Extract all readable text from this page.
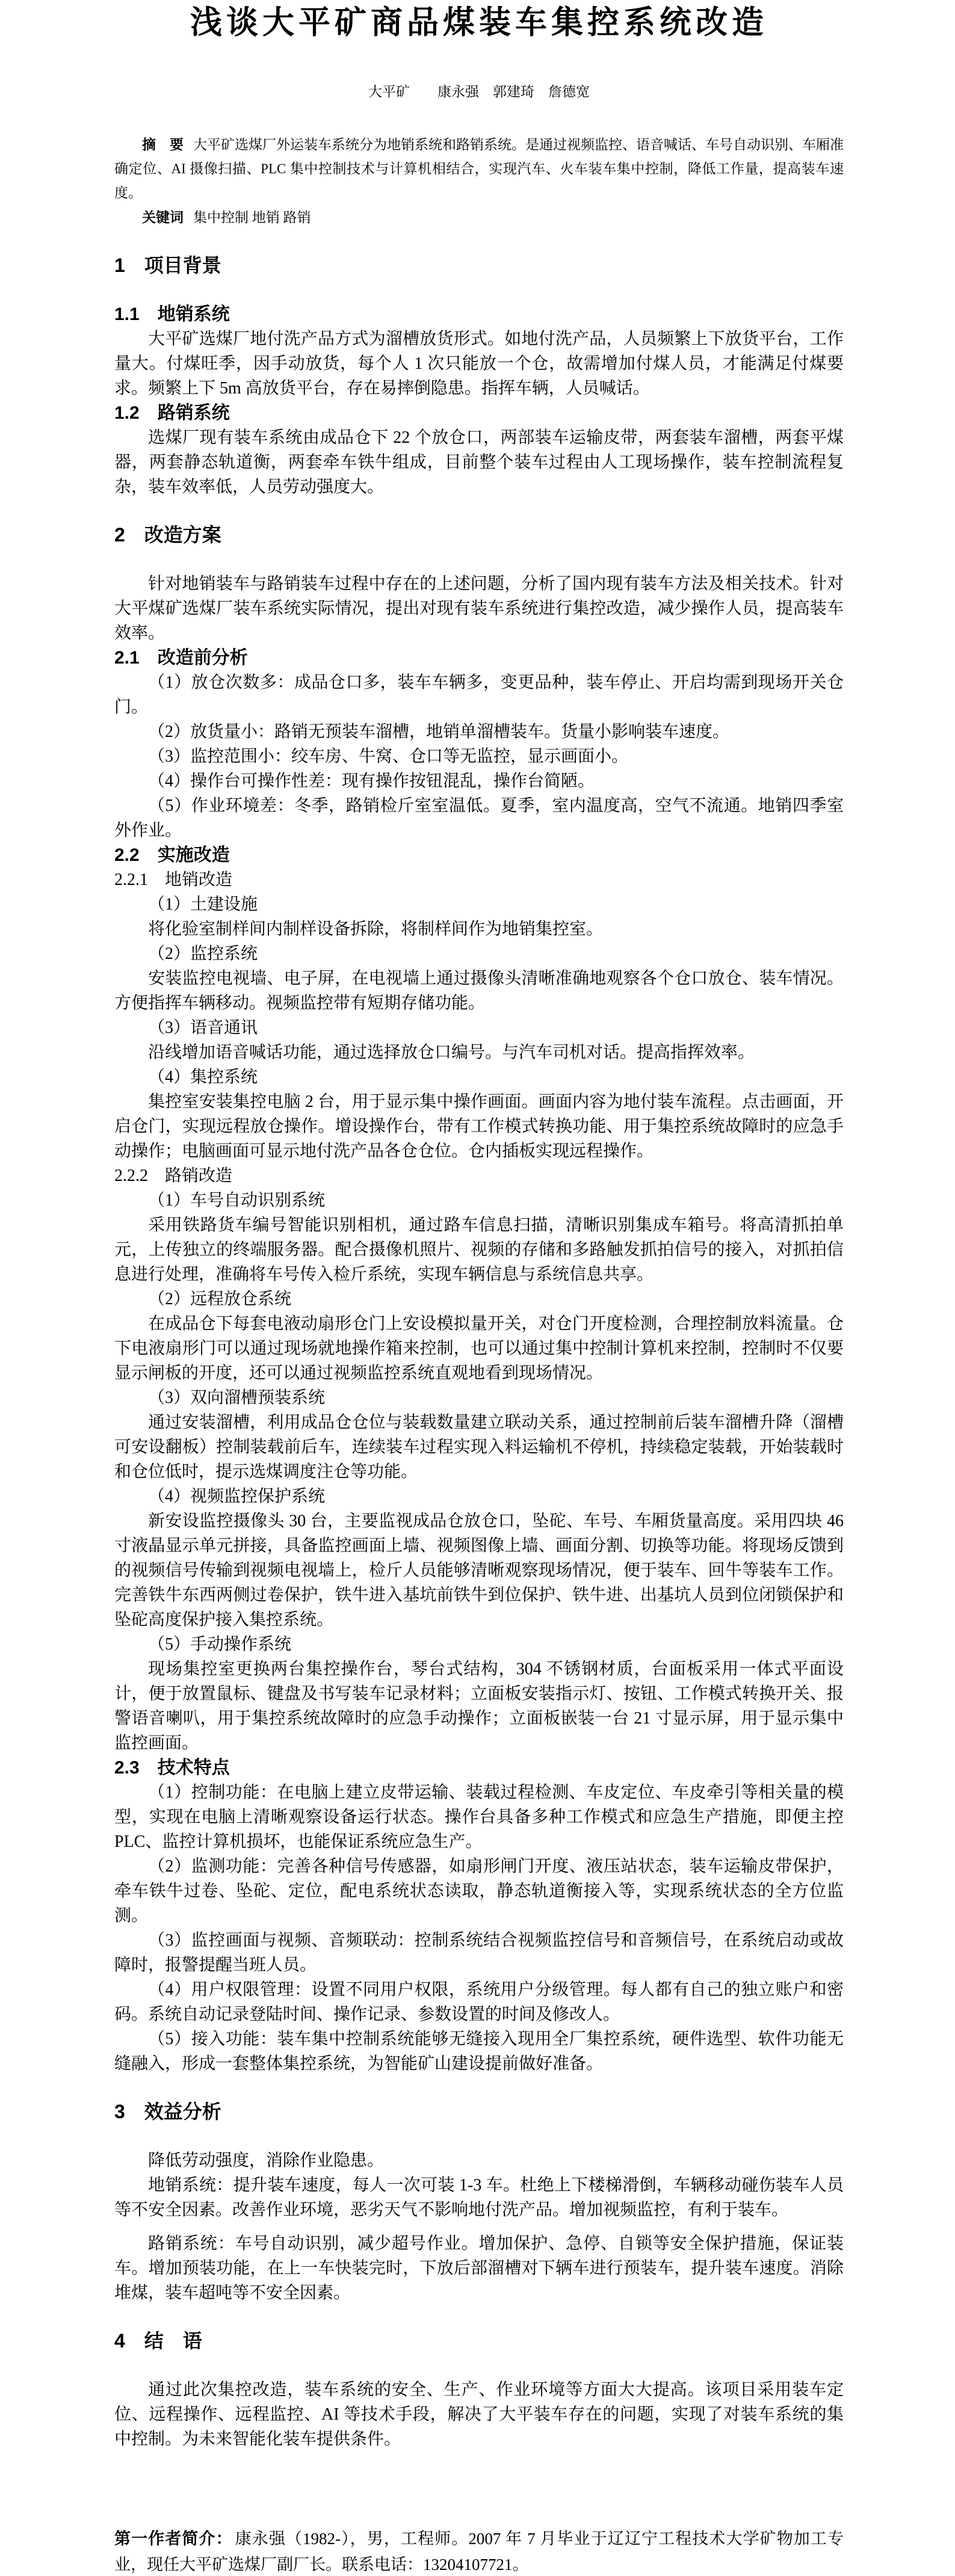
浅谈大平矿商品煤装车集控系统改造
大平矿　　康永强　郭建琦　詹德宽
摘　要 大平矿选煤厂外运装车系统分为地销系统和路销系统。是通过视频监控、语音喊话、车号自动识别、车厢准确定位、AI 摄像扫描、PLC 集中控制技术与计算机相结合，实现汽车、火车装车集中控制，降低工作量，提高装车速度。
关键词 集中控制 地销 路销
1　项目背景
1.1　地销系统
大平矿选煤厂地付洗产品方式为溜槽放货形式。如地付洗产品，人员频繁上下放货平台，工作量大。付煤旺季，因手动放货，每个人 1 次只能放一个仓，故需增加付煤人员，才能满足付煤要求。频繁上下 5m 高放货平台，存在易摔倒隐患。指挥车辆，人员喊话。
1.2　路销系统
选煤厂现有装车系统由成品仓下 22 个放仓口，两部装车运输皮带，两套装车溜槽，两套平煤器，两套静态轨道衡，两套牵车铁牛组成，目前整个装车过程由人工现场操作，装车控制流程复杂，装车效率低，人员劳动强度大。
2　改造方案
针对地销装车与路销装车过程中存在的上述问题，分析了国内现有装车方法及相关技术。针对大平煤矿选煤厂装车系统实际情况，提出对现有装车系统进行集控改造，减少操作人员，提高装车效率。
2.1　改造前分析
（1）放仓次数多：成品仓口多，装车车辆多，变更品种，装车停止、开启均需到现场开关仓门。
（2）放货量小：路销无预装车溜槽，地销单溜槽装车。货量小影响装车速度。
（3）监控范围小：绞车房、牛窝、仓口等无监控，显示画面小。
（4）操作台可操作性差：现有操作按钮混乱，操作台简陋。
（5）作业环境差：冬季，路销检斤室室温低。夏季，室内温度高，空气不流通。地销四季室外作业。
2.2　实施改造
2.2.1　地销改造
（1）土建设施
将化验室制样间内制样设备拆除，将制样间作为地销集控室。
（2）监控系统
安装监控电视墙、电子屏，在电视墙上通过摄像头清晰准确地观察各个仓口放仓、装车情况。方便指挥车辆移动。视频监控带有短期存储功能。
（3）语音通讯
沿线增加语音喊话功能，通过选择放仓口编号。与汽车司机对话。提高指挥效率。
（4）集控系统
集控室安装集控电脑 2 台，用于显示集中操作画面。画面内容为地付装车流程。点击画面，开启仓门，实现远程放仓操作。增设操作台，带有工作模式转换功能、用于集控系统故障时的应急手动操作；电脑画面可显示地付洗产品各仓仓位。仓内插板实现远程操作。
2.2.2　路销改造
（1）车号自动识别系统
采用铁路货车编号智能识别相机，通过路车信息扫描，清晰识别集成车箱号。将高清抓拍单元，上传独立的终端服务器。配合摄像机照片、视频的存储和多路触发抓拍信号的接入，对抓拍信息进行处理，准确将车号传入检斤系统，实现车辆信息与系统信息共享。
（2）远程放仓系统
在成品仓下每套电液动扇形仓门上安设模拟量开关，对仓门开度检测，合理控制放料流量。仓下电液扇形门可以通过现场就地操作箱来控制，也可以通过集中控制计算机来控制，控制时不仅要显示闸板的开度，还可以通过视频监控系统直观地看到现场情况。
（3）双向溜槽预装系统
通过安装溜槽，利用成品仓仓位与装载数量建立联动关系，通过控制前后装车溜槽升降（溜槽可安设翻板）控制装载前后车，连续装车过程实现入料运输机不停机，持续稳定装载，开始装载时和仓位低时，提示选煤调度注仓等功能。
（4）视频监控保护系统
新安设监控摄像头 30 台，主要监视成品仓放仓口，坠砣、车号、车厢货量高度。采用四块 46 寸液晶显示单元拼接，具备监控画面上墙、视频图像上墙、画面分割、切换等功能。将现场反馈到的视频信号传输到视频电视墙上，检斤人员能够清晰观察现场情况，便于装车、回牛等装车工作。完善铁牛东西两侧过卷保护，铁牛进入基坑前铁牛到位保护、铁牛进、出基坑人员到位闭锁保护和坠砣高度保护接入集控系统。
（5）手动操作系统
现场集控室更换两台集控操作台，琴台式结构，304 不锈钢材质，台面板采用一体式平面设计，便于放置鼠标、键盘及书写装车记录材料；立面板安装指示灯、按钮、工作模式转换开关、报警语音喇叭，用于集控系统故障时的应急手动操作；立面板嵌装一台 21 寸显示屏，用于显示集中监控画面。
2.3　技术特点
（1）控制功能：在电脑上建立皮带运输、装载过程检测、车皮定位、车皮牵引等相关量的模型，实现在电脑上清晰观察设备运行状态。操作台具备多种工作模式和应急生产措施，即便主控 PLC、监控计算机损坏，也能保证系统应急生产。
（2）监测功能：完善各种信号传感器，如扇形闸门开度、液压站状态，装车运输皮带保护，牵车铁牛过卷、坠砣、定位，配电系统状态读取，静态轨道衡接入等，实现系统状态的全方位监测。
（3）监控画面与视频、音频联动：控制系统结合视频监控信号和音频信号，在系统启动或故障时，报警提醒当班人员。
（4）用户权限管理：设置不同用户权限，系统用户分级管理。每人都有自己的独立账户和密码。系统自动记录登陆时间、操作记录、参数设置的时间及修改人。
（5）接入功能：装车集中控制系统能够无缝接入现用全厂集控系统，硬件选型、软件功能无缝融入，形成一套整体集控系统，为智能矿山建设提前做好准备。
3　效益分析
降低劳动强度，消除作业隐患。
地销系统：提升装车速度，每人一次可装 1-3 车。杜绝上下楼梯滑倒，车辆移动碰伤装车人员等不安全因素。改善作业环境，恶劣天气不影响地付洗产品。增加视频监控，有利于装车。
路销系统：车号自动识别，减少超号作业。增加保护、急停、自锁等安全保护措施，保证装车。增加预装功能，在上一车快装完时，下放后部溜槽对下辆车进行预装车，提升装车速度。消除堆煤，装车超吨等不安全因素。
4　结　语
通过此次集控改造，装车系统的安全、生产、作业环境等方面大大提高。该项目采用装车定位、远程操作、远程监控、AI 等技术手段，解决了大平装车存在的问题，实现了对装车系统的集中控制。为未来智能化装车提供条件。
第一作者简介： 康永强（1982-），男，工程师。2007 年 7 月毕业于辽辽宁工程技术大学矿物加工专业，现任大平矿选煤厂副厂长。联系电话：13204107721。
